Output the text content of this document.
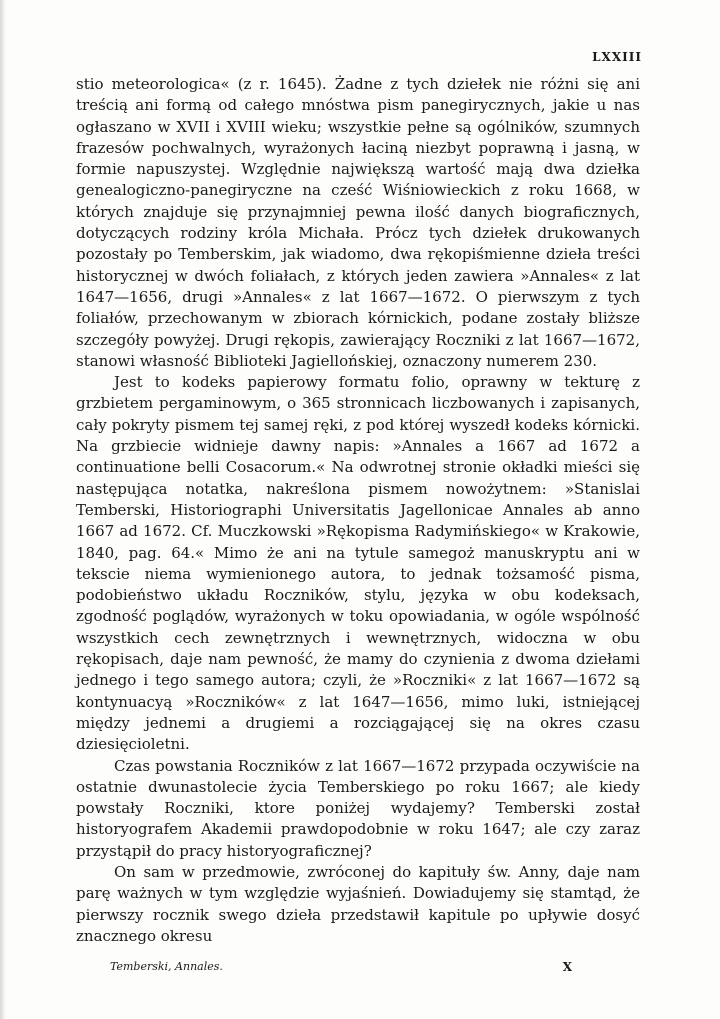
LXXIII

stio meteorologica« (z r. 1645). Żadne z tych dziełek nie różni się ani treścią ani formą od całego mnóstwa pism panegirycznych, jakie u nas ogłaszano w XVII i XVIII wieku; wszystkie pełne są ogólników, szumnych frazesów pochwalnych, wyrażonych łaciną niezbyt poprawną i jasną, w formie napuszystej. Względnie największą wartość mają dwa dziełka genealogiczno-panegiryczne na cześć Wiśniowieckich z roku 1668, w których znajduje się przynajmniej pewna ilość danych biograficznych, dotyczących rodziny króla Michała. Prócz tych dziełek drukowanych pozostały po Temberskim, jak wiadomo, dwa rękopiśmienne dzieła treści historycznej w dwóch foliałach, z których jeden zawiera »Annales« z lat 1647—1656, drugi »Annales« z lat 1667—1672. O pierwszym z tych foliałów, przechowanym w zbiorach kórnickich, podane zostały bliższe szczegóły powyżej. Drugi rękopis, zawierający Roczniki z lat 1667—1672, stanowi własność Biblioteki Jagiellońskiej, oznaczony numerem 230.

Jest to kodeks papierowy formatu folio, oprawny w tekturę z grzbietem pergaminowym, o 365 stronnicach liczbowanych i zapisanych, cały pokryty pismem tej samej ręki, z pod której wyszedł kodeks kórnicki. Na grzbiecie widnieje dawny napis: »Annales a 1667 ad 1672 a continuatione belli Cosacorum.« Na odwrotnej stronie okładki mieści się następująca notatka, nakreślona pismem nowożytnem: »Stanislai Temberski, Historiographi Universitatis Jagellonicae Annales ab anno 1667 ad 1672. Cf. Muczkowski »Rękopisma Radymińskiego« w Krakowie, 1840, pag. 64.« Mimo że ani na tytule samegoż manuskryptu ani w tekscie niema wymienionego autora, to jednak tożsamość pisma, podobieństwo układu Roczników, stylu, języka w obu kodeksach, zgodność poglądów, wyrażonych w toku opowiadania, w ogóle wspólność wszystkich cech zewnętrznych i wewnętrznych, widoczna w obu rękopisach, daje nam pewność, że mamy do czynienia z dwoma dziełami jednego i tego samego autora; czyli, że »Roczniki« z lat 1667—1672 są kontynuacyą »Roczników« z lat 1647—1656, mimo luki, istniejącej między jednemi a drugiemi a rozciągającej się na okres czasu dziesięcioletni.

Czas powstania Roczników z lat 1667—1672 przypada oczywiście na ostatnie dwunastolecie życia Temberskiego po roku 1667; ale kiedy powstały Roczniki, ktore poniżej wydajemy? Temberski został historyografem Akademii prawdopodobnie w roku 1647; ale czy zaraz przystąpił do pracy historyograficznej?

On sam w przedmowie, zwróconej do kapituły św. Anny, daje nam parę ważnych w tym względzie wyjaśnień. Dowiadujemy się stamtąd, że pierwszy rocznik swego dzieła przedstawił kapitule po upływie dosyć znacznego okresu

Temberski, Annales.	X
